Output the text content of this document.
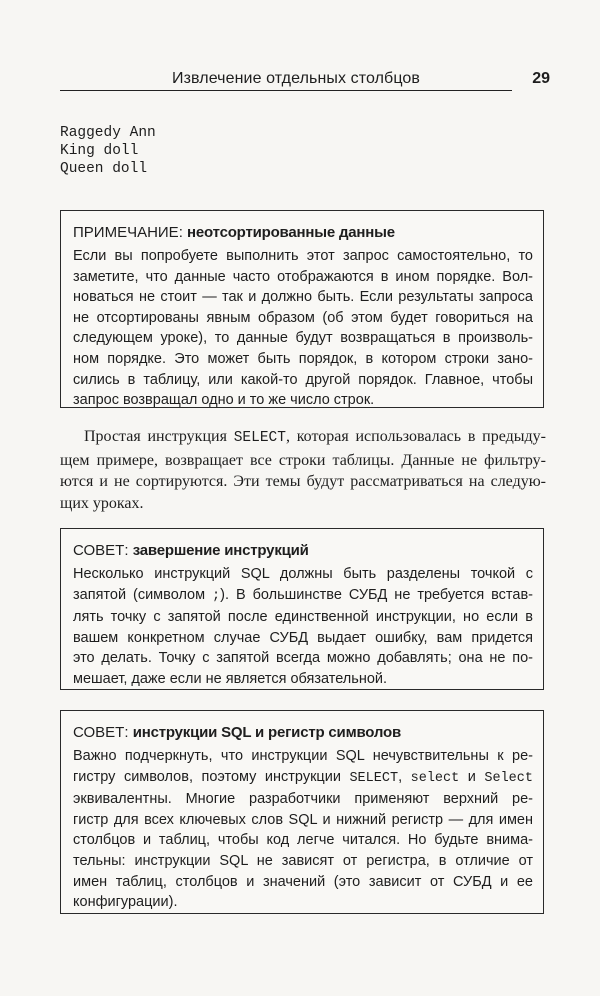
Извлечение отдельных столбцов	29
Raggedy Ann
King doll
Queen doll
ПРИМЕЧАНИЕ: неотсортированные данные
Если вы попробуете выполнить этот запрос самостоятельно, то
заметите, что данные часто отображаются в ином порядке. Вол-
новаться не стоит — так и должно быть. Если результаты запроса
не отсортированы явным образом (об этом будет говориться на
следующем уроке), то данные будут возвращаться в произволь-
ном порядке. Это может быть порядок, в котором строки зано-
сились в таблицу, или какой-то другой порядок. Главное, чтобы
запрос возвращал одно и то же число строк.
Простая инструкция SELECT, которая использовалась в предыду-
щем примере, возвращает все строки таблицы. Данные не фильтру-
ются и не сортируются. Эти темы будут рассматриваться на следую-
щих уроках.
СОВЕТ: завершение инструкций
Несколько инструкций SQL должны быть разделены точкой с
запятой (символом ;). В большинстве СУБД не требуется встав-
лять точку с запятой после единственной инструкции, но если в
вашем конкретном случае СУБД выдает ошибку, вам придется
это делать. Точку с запятой всегда можно добавлять; она не по-
мешает, даже если не является обязательной.
СОВЕТ: инструкции SQL и регистр символов
Важно подчеркнуть, что инструкции SQL нечувствительны к ре-
гистру символов, поэтому инструкции SELECT, select и Select
эквивалентны. Многие разработчики применяют верхний ре-
гистр для всех ключевых слов SQL и нижний регистр — для имен
столбцов и таблиц, чтобы код легче читался. Но будьте внима-
тельны: инструкции SQL не зависят от регистра, в отличие от
имен таблиц, столбцов и значений (это зависит от СУБД и ее
конфигурации).
